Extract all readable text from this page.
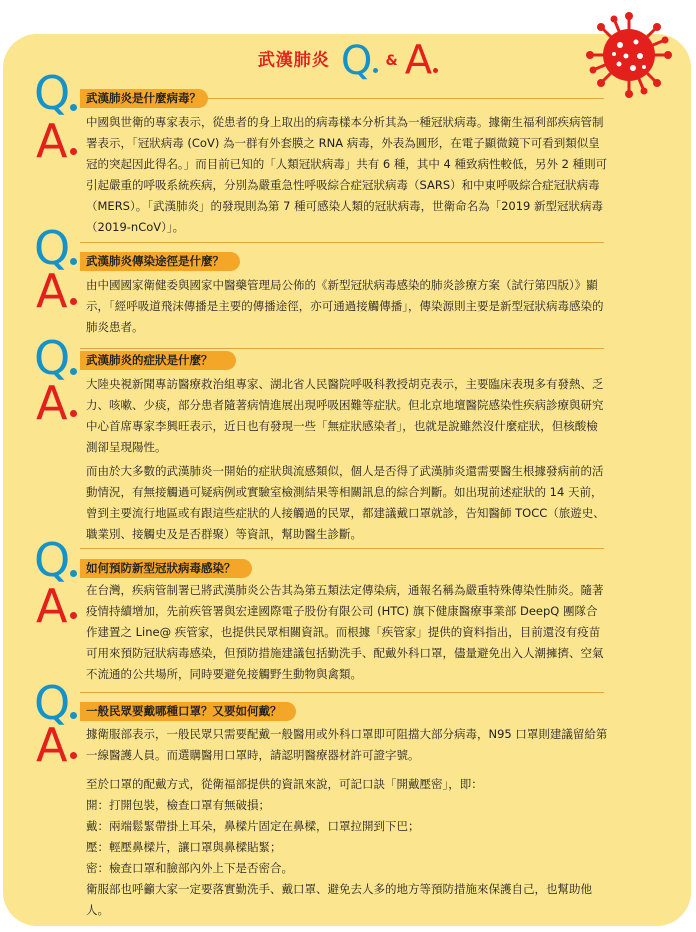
武漢肺炎 Q & A
Q 武漢肺炎是什麼病毒？
A 中國與世衛的專家表示，從患者的身上取出的病毒樣本分析其為一種冠狀病毒。據衛生福利部疾病管制署表示，「冠狀病毒 (CoV) 為一群有外套膜之 RNA 病毒，外表為圓形，在電子顯微鏡下可看到類似皇冠的突起因此得名。」而目前已知的「人類冠狀病毒」共有 6 種，其中 4 種致病性較低，另外 2 種則可引起嚴重的呼吸系統疾病，分別為嚴重急性呼吸綜合症冠狀病毒（SARS）和中東呼吸綜合症冠狀病毒（MERS）。「武漢肺炎」的發現則為第 7 種可感染人類的冠狀病毒，世衛命名為「2019 新型冠狀病毒（2019-nCoV）」。

Q 武漢肺炎傳染途徑是什麼？
A 由中國國家衛健委與國家中醫藥管理局公佈的《新型冠狀病毒感染的肺炎診療方案（試行第四版）》顯示，「經呼吸道飛沫傳播是主要的傳播途徑，亦可通過接觸傳播」，傳染源則主要是新型冠狀病毒感染的肺炎患者。

Q 武漢肺炎的症狀是什麼？
A 大陸央視新聞專訪醫療救治組專家、湖北省人民醫院呼吸科教授胡克表示，主要臨床表現多有發熱、乏力、咳嗽、少痰，部分患者隨著病情進展出現呼吸困難等症狀。但北京地壇醫院感染性疾病診療與研究中心首席專家李興旺表示，近日也有發現一些「無症狀感染者」，也就是說雖然沒什麼症狀，但核酸檢測卻呈現陽性。

而由於大多數的武漢肺炎一開始的症狀與流感類似，個人是否得了武漢肺炎還需要醫生根據發病前的活動情況，有無接觸過可疑病例或實驗室檢測結果等相關訊息的綜合判斷。如出現前述症狀的 14 天前，曾到主要流行地區或有跟這些症狀的人接觸過的民眾，都建議戴口罩就診，告知醫師 TOCC（旅遊史、職業別、接觸史及是否群聚）等資訊，幫助醫生診斷。

Q 如何預防新型冠狀病毒感染？
A 在台灣，疾病管制署已將武漢肺炎公告其為第五類法定傳染病，通報名稱為嚴重特殊傳染性肺炎。隨著疫情持續增加，先前疾管署與宏達國際電子股份有限公司 (HTC) 旗下健康醫療事業部 DeepQ 團隊合作建置之 Line@ 疾管家，也提供民眾相關資訊。而根據「疾管家」提供的資料指出，目前還沒有疫苗可用來預防冠狀病毒感染，但預防措施建議包括勤洗手、配戴外科口罩，儘量避免出入人潮擁擠、空氣不流通的公共場所，同時要避免接觸野生動物與禽類。

Q 一般民眾要戴哪種口罩？又要如何戴？
A 據衛服部表示，一般民眾只需要配戴一般醫用或外科口罩即可阻擋大部分病毒，N95 口罩則建議留給第一線醫護人員。而選購醫用口罩時，請認明醫療器材許可證字號。

至於口罩的配戴方式，從衛福部提供的資訊來說，可記口訣「開戴壓密」，即：

開：打開包裝，檢查口罩有無破損；

戴：兩端鬆緊帶掛上耳朵，鼻樑片固定在鼻樑，口罩拉開到下巴；

壓：輕壓鼻樑片，讓口罩與鼻樑貼緊；

密：檢查口罩和臉部內外上下是否密合。

衛服部也呼籲大家一定要落實勤洗手、戴口罩、避免去人多的地方等預防措施來保護自己，也幫助他人。
